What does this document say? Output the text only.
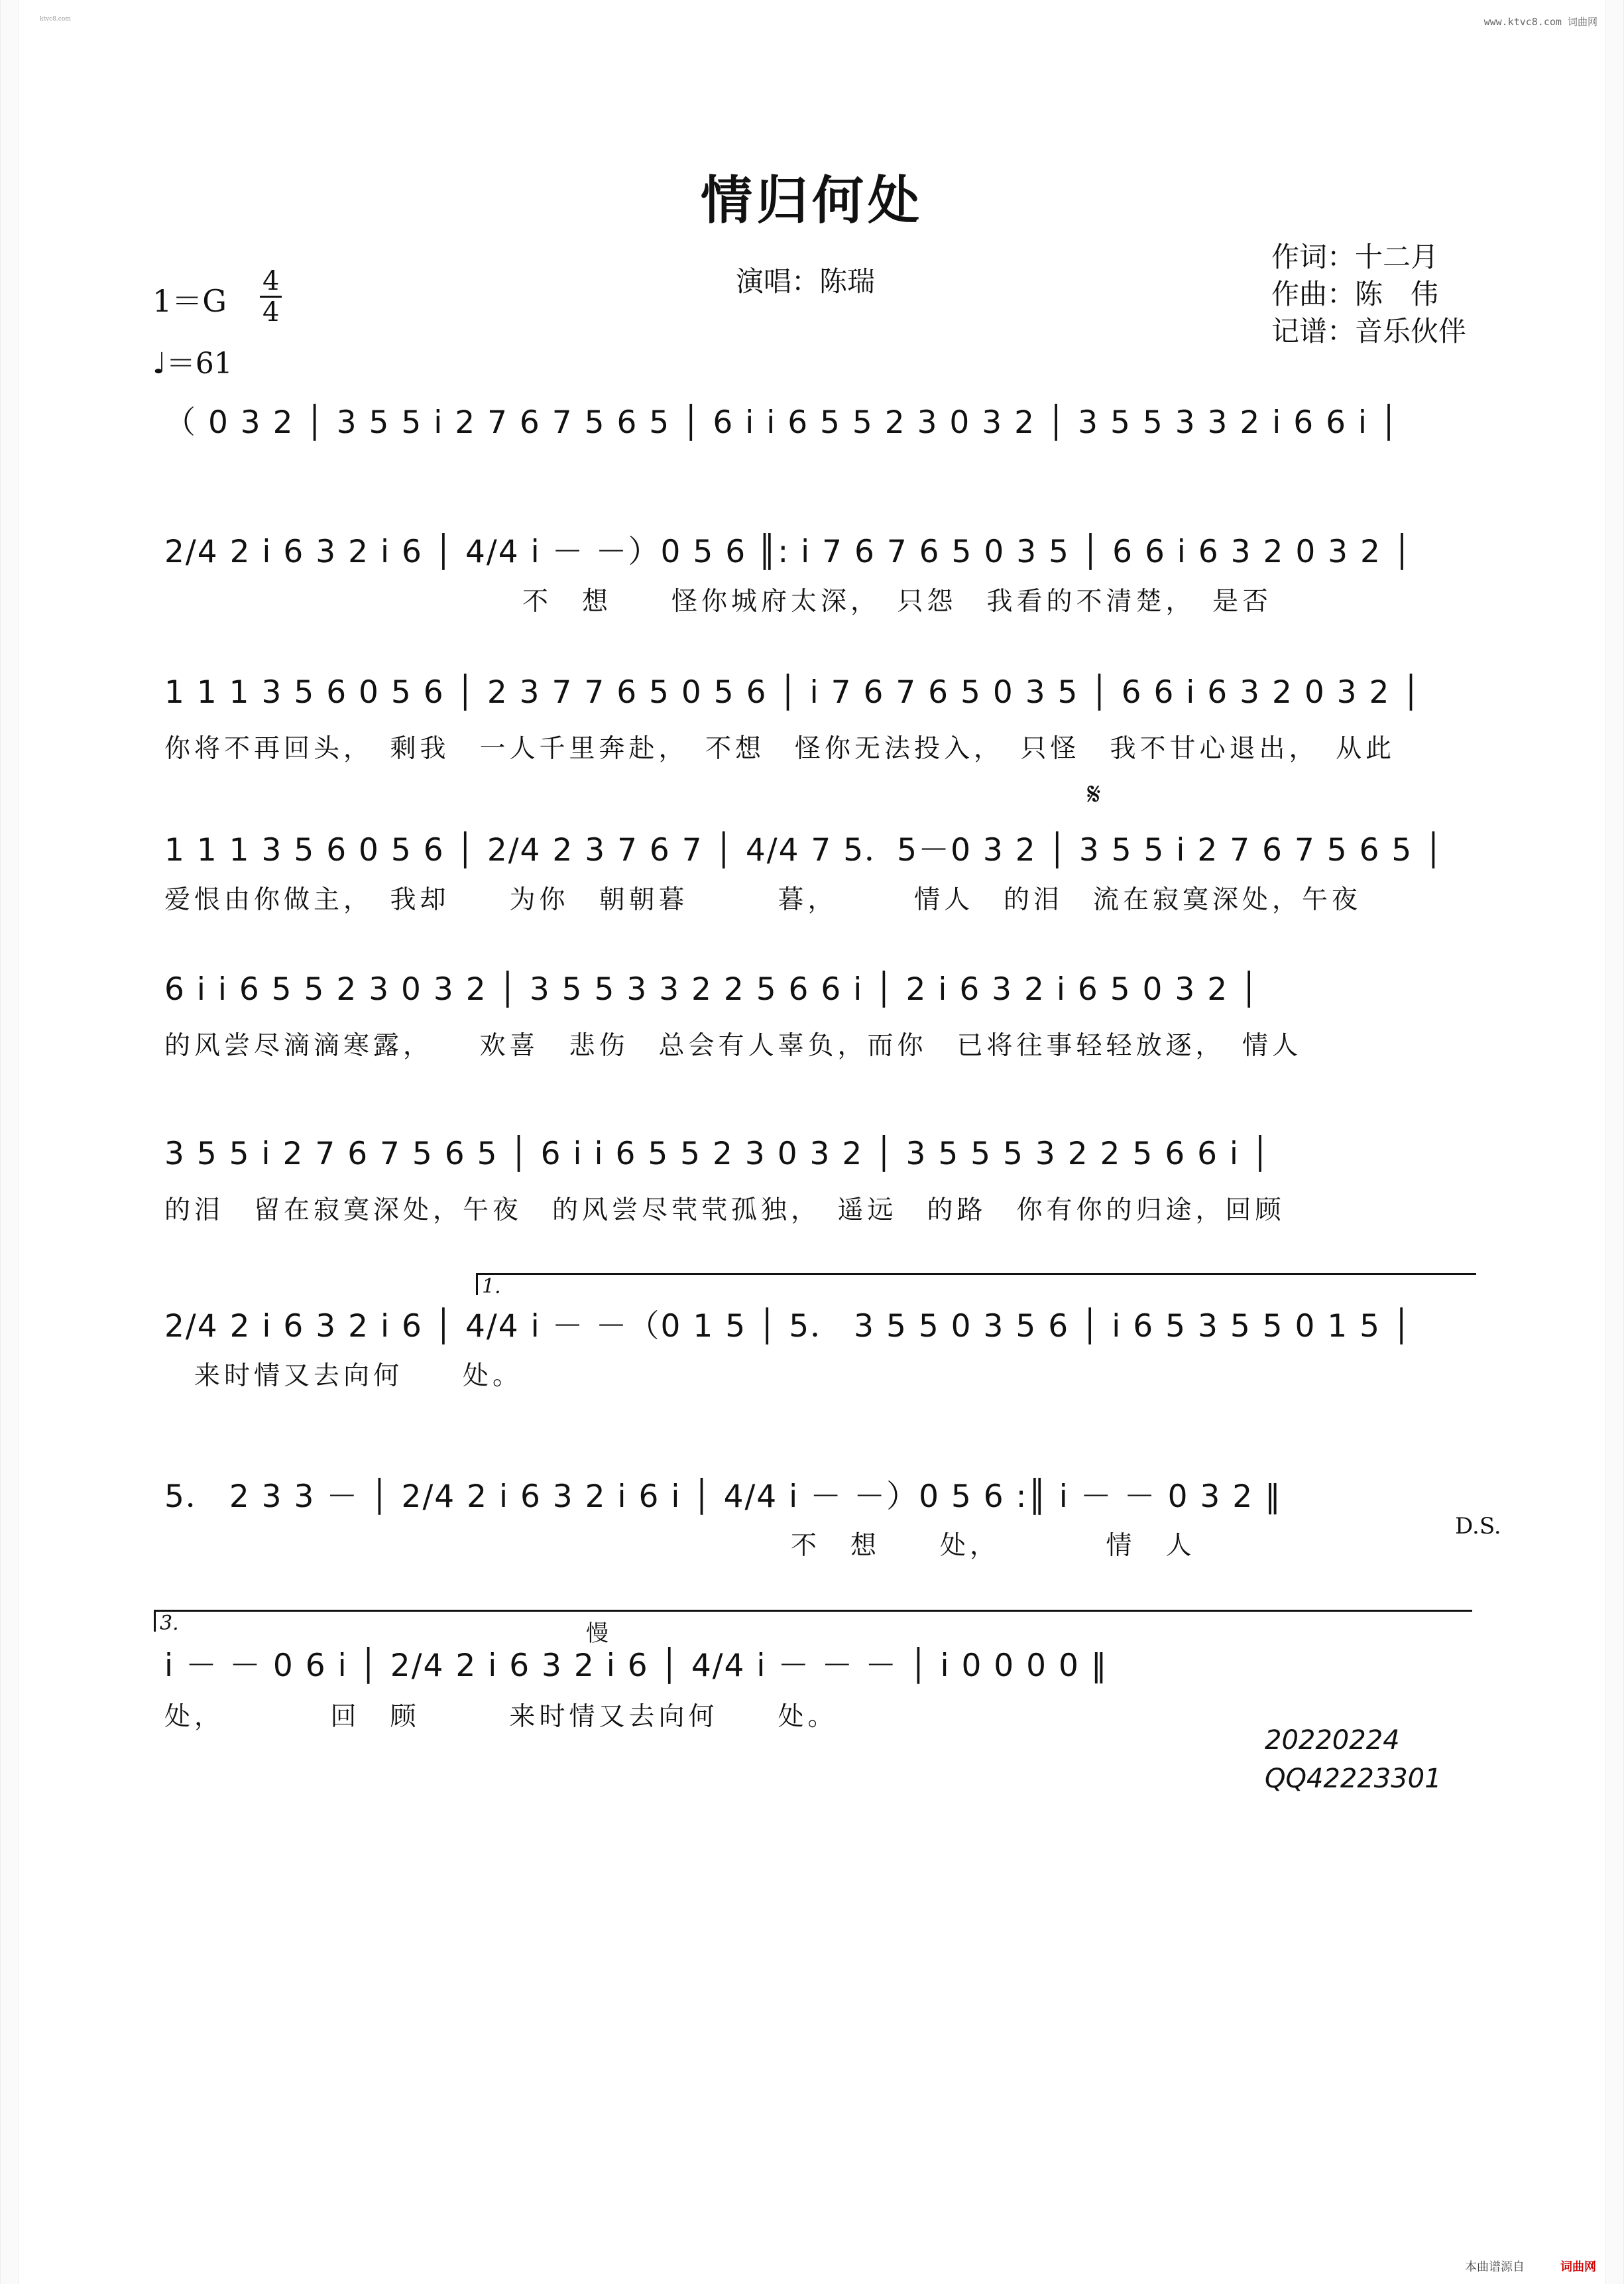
ktvc8.com	www.ktvc8.com 词曲网
情归何处
1＝G
4
4
♩＝61
演唱：陈瑞
作词：十二月
作曲：陈　伟
记谱：音乐伙伴
（ 0 3 2 │ 3 5 5 i 2 7 6 7 5 6 5 │ 6 i i 6 5 5 2 3 0 3 2 │ 3 5 5 3 3 2 i 6 6 i │
2/4 2 i 6 3 2 i 6 │ 4/4 i － －）0 5 6 ║: i 7 6 7 6 5 0 3 5 │ 6 6 i 6 3 2 0 3 2 │
　　　　　　　　　　　　不　想　　怪你城府太深，　只怨　我看的不清楚，　是否
1 1 1 3 5 6 0 5 6 │ 2 3 7 7 6 5 0 5 6 │ i 7 6 7 6 5 0 3 5 │ 6 6 i 6 3 2 0 3 2 │
你将不再回头，　剩我　一人千里奔赴，　不想　怪你无法投入，　只怪　我不甘心退出，　从此
𝄋
1 1 1 3 5 6 0 5 6 │ 2/4 2 3 7 6 7 │ 4/4 7 5．5－0 3 2 │ 3 5 5 i 2 7 6 7 5 6 5 │
爱恨由你做主，　我却　　为你　朝朝暮　　　暮，　　　情人　的泪　流在寂寞深处，午夜
6 i i 6 5 5 2 3 0 3 2 │ 3 5 5 3 3 2 2 5 6 6 i │ 2 i 6 3 2 i 6 5 0 3 2 │
的风尝尽滴滴寒露，　　欢喜　悲伤　总会有人辜负，而你　已将往事轻轻放逐，　情人
3 5 5 i 2 7 6 7 5 6 5 │ 6 i i 6 5 5 2 3 0 3 2 │ 3 5 5 5 3 2 2 5 6 6 i │
的泪　留在寂寞深处，午夜　的风尝尽茕茕孤独，　遥远　的路　你有你的归途，回顾
1.
2/4 2 i 6 3 2 i 6 │ 4/4 i － －（0 1 5 │ 5． 3 5 5 0 3 5 6 │ i 6 5 3 5 5 0 1 5 │
　来时情又去向何　　处。
5． 2 3 3 － │ 2/4 2 i 6 3 2 i 6 i │ 4/4 i － －）0 5 6 :║ i － － 0 3 2 ‖
D.S.
　　　　　　　　　　　　　　　　　　　　　不　想　　处，　　　　情　人
3.	慢
i － － 0 6 i │ 2/4 2 i 6 3 2 i 6 │ 4/4 i － － － │ i 0 0 0 0 ‖
处，　　　　回　顾　　　来时情又去向何　　处。
20220224
QQ42223301
本曲谱源自	词曲网
